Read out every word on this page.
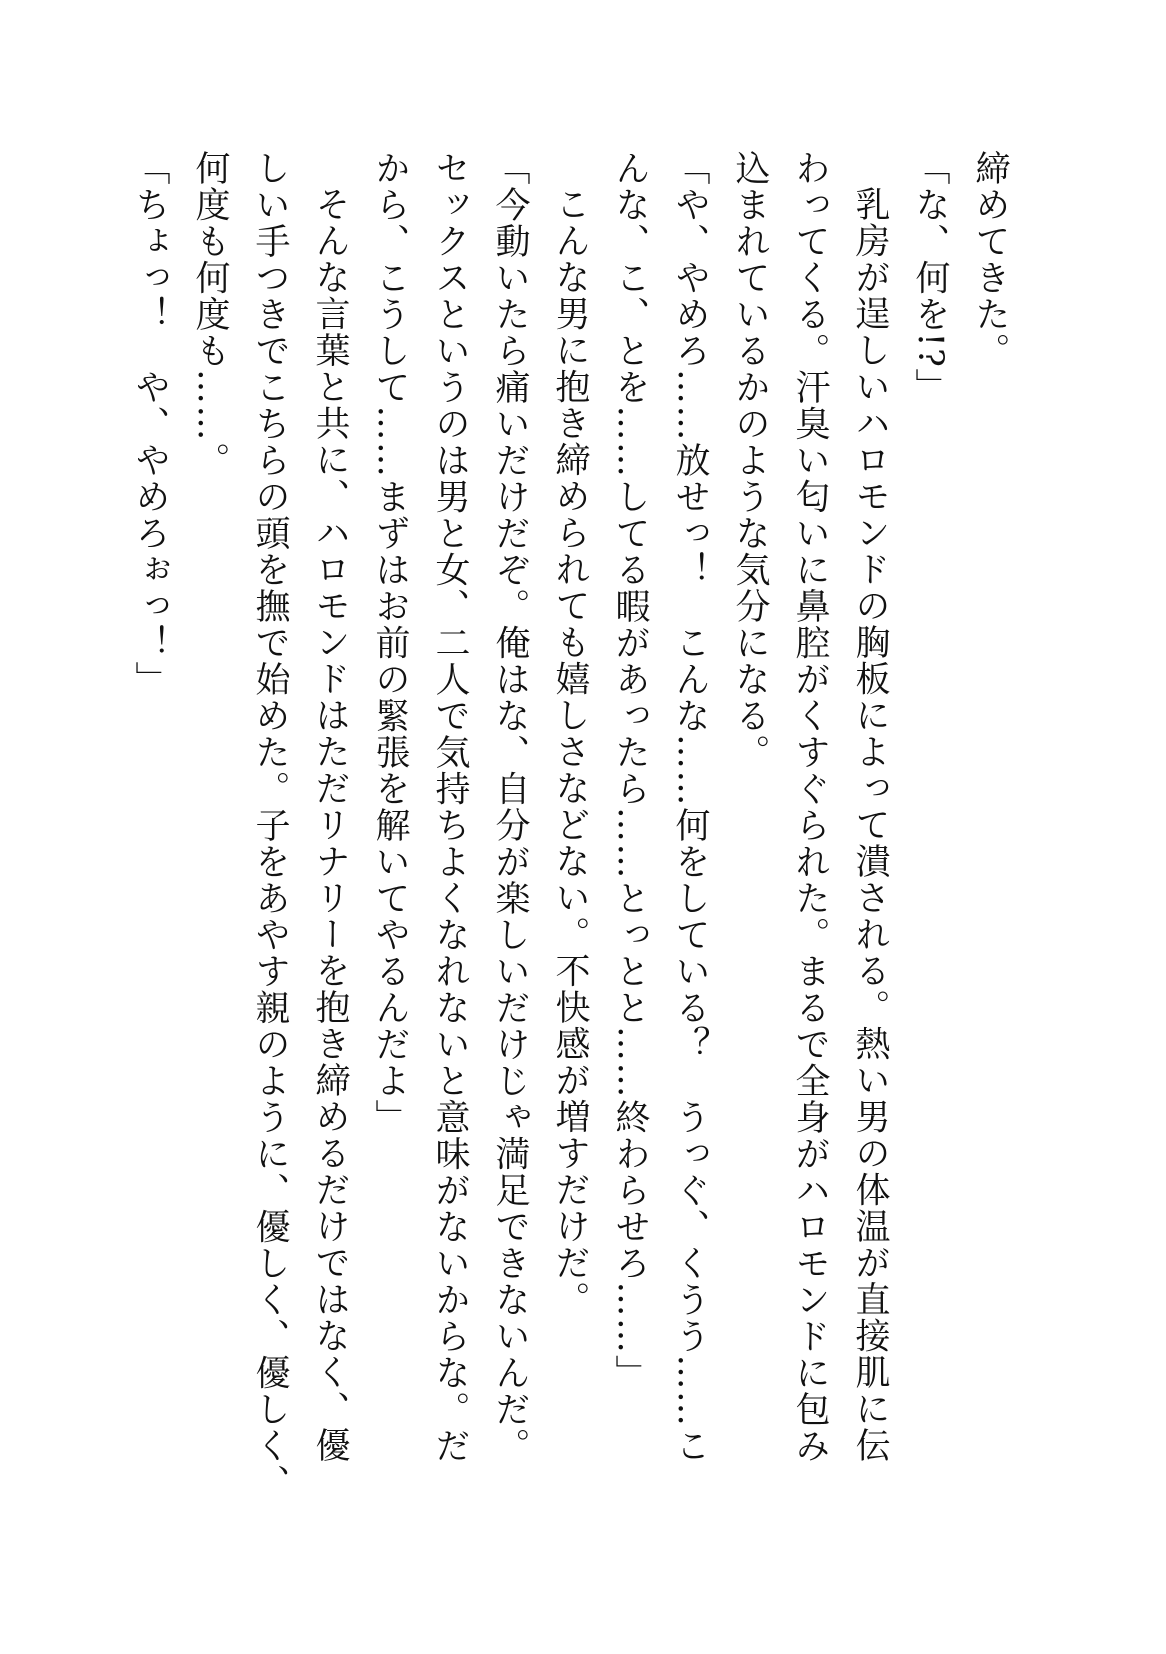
締めてきた。
「な、何を!?」
乳房が逞しいハロモンドの胸板によって潰される。熱い男の体温が直接肌に伝
わってくる。汗臭い匂いに鼻腔がくすぐられた。まるで全身がハロモンドに包み
込まれているかのような気分になる。
「や、やめろ……放せっ！　こんな……何をしている？　うっぐ、くうう……こ
んな、こ、とを……してる暇があったら……とっとと……終わらせろ……」
こんな男に抱き締められても嬉しさなどない。不快感が増すだけだ。
「今動いたら痛いだけだぞ。俺はな、自分が楽しいだけじゃ満足できないんだ。
セックスというのは男と女、二人で気持ちよくなれないと意味がないからな。だ
から、こうして……まずはお前の緊張を解いてやるんだよ」
そんな言葉と共に、ハロモンドはただリナリーを抱き締めるだけではなく、優
しい手つきでこちらの頭を撫で始めた。子をあやす親のように、優しく、優しく、
何度も何度も……。
「ちょっ！　や、やめろぉっ！」
